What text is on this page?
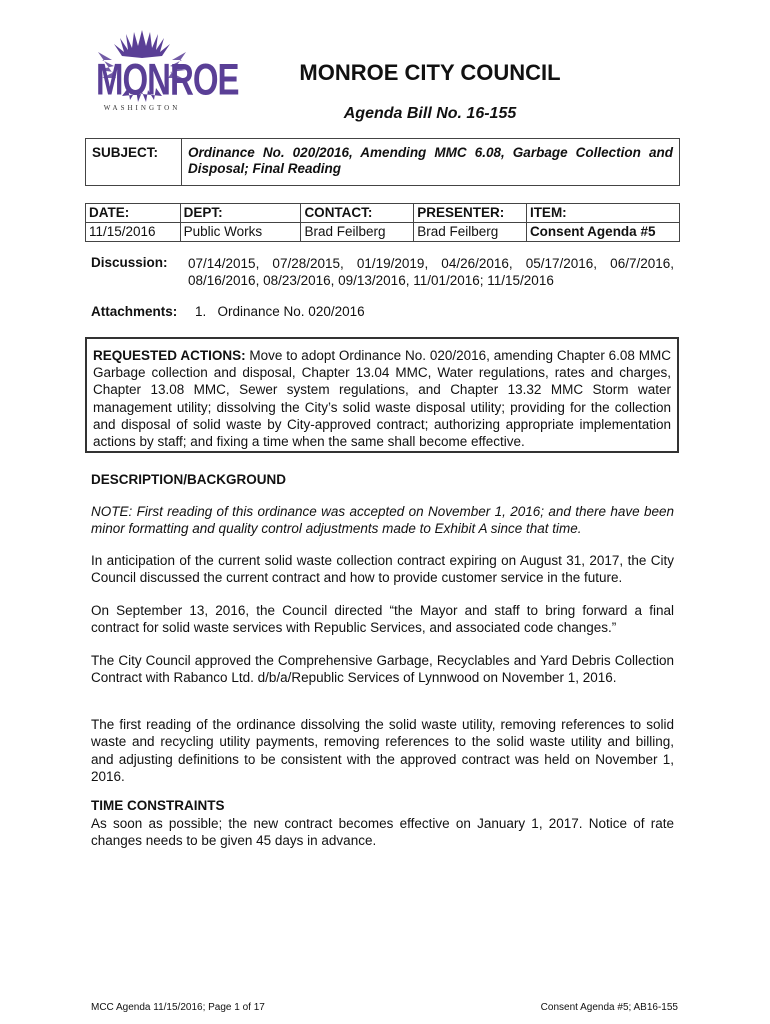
MONROE
WASHINGTON
MONROE CITY COUNCIL
Agenda Bill No. 16-155
SUBJECT:	Ordinance No. 020/2016, Amending MMC 6.08, Garbage Collection and Disposal; Final Reading
DATE:	DEPT:	CONTACT:	PRESENTER:	ITEM:
11/15/2016	Public Works	Brad Feilberg	Brad Feilberg	Consent Agenda #5
Discussion: 07/14/2015, 07/28/2015, 01/19/2019, 04/26/2016, 05/17/2016, 06/7/2016, 08/16/2016, 08/23/2016, 09/13/2016, 11/01/2016; 11/15/2016
Attachments: 1.   Ordinance No. 020/2016
REQUESTED ACTIONS: Move to adopt Ordinance No. 020/2016, amending Chapter 6.08 MMC Garbage collection and disposal, Chapter 13.04 MMC, Water regulations, rates and charges, Chapter 13.08 MMC, Sewer system regulations, and Chapter 13.32 MMC Storm water management utility; dissolving the City’s solid waste disposal utility; providing for the collection and disposal of solid waste by City-approved contract; authorizing appropriate implementation actions by staff; and fixing a time when the same shall become effective.
DESCRIPTION/BACKGROUND

NOTE: First reading of this ordinance was accepted on November 1, 2016; and there have been minor formatting and quality control adjustments made to Exhibit A since that time.

In anticipation of the current solid waste collection contract expiring on August 31, 2017, the City Council discussed the current contract and how to provide customer service in the future.

On September 13, 2016, the Council directed “the Mayor and staff to bring forward a final contract for solid waste services with Republic Services, and associated code changes.”

The City Council approved the Comprehensive Garbage, Recyclables and Yard Debris Collection Contract with Rabanco Ltd. d/b/a/Republic Services of Lynnwood on November 1, 2016.

The first reading of the ordinance dissolving the solid waste utility, removing references to solid waste and recycling utility payments, removing references to the solid waste utility and billing, and adjusting definitions to be consistent with the approved contract was held on November 1, 2016.

TIME CONSTRAINTS

As soon as possible; the new contract becomes effective on January 1, 2017. Notice of rate changes needs to be given 45 days in advance.

MCC Agenda 11/15/2016; Page 1 of 17	Consent Agenda #5; AB16-155
